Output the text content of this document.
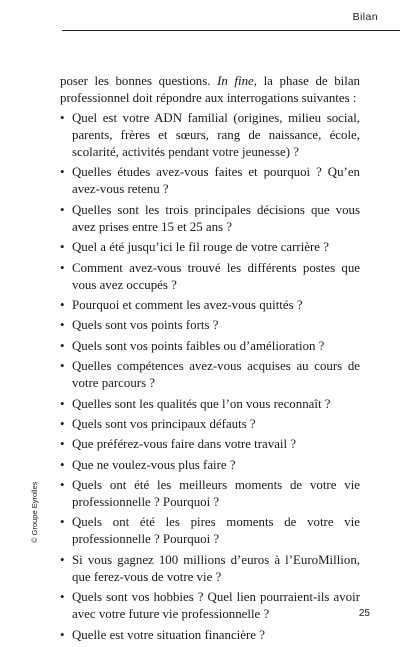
Bilan

poser les bonnes questions. In fine, la phase de bilan professionnel doit répondre aux interrogations suivantes :

• Quel est votre ADN familial (origines, milieu social, parents, frères et sœurs, rang de naissance, école, scolarité, activités pendant votre jeunesse) ?
• Quelles études avez-vous faites et pourquoi ? Qu’en avez-vous retenu ?
• Quelles sont les trois principales décisions que vous avez prises entre 15 et 25 ans ?
• Quel a été jusqu’ici le fil rouge de votre carrière ?
• Comment avez-vous trouvé les différents postes que vous avez occupés ?
• Pourquoi et comment les avez-vous quittés ?
• Quels sont vos points forts ?
• Quels sont vos points faibles ou d’amélioration ?
• Quelles compétences avez-vous acquises au cours de votre parcours ?
• Quelles sont les qualités que l’on vous reconnaît ?
• Quels sont vos principaux défauts ?
• Que préférez-vous faire dans votre travail ?
• Que ne voulez-vous plus faire ?
• Quels ont été les meilleurs moments de votre vie professionnelle ? Pourquoi ?
• Quels ont été les pires moments de votre vie professionnelle ? Pourquoi ?
• Si vous gagnez 100 millions d’euros à l’EuroMillion, que ferez-vous de votre vie ?
• Quels sont vos hobbies ? Quel lien pourraient-ils avoir avec votre future vie professionnelle ?
• Quelle est votre situation financière ?
© Groupe Eyrolles
25
